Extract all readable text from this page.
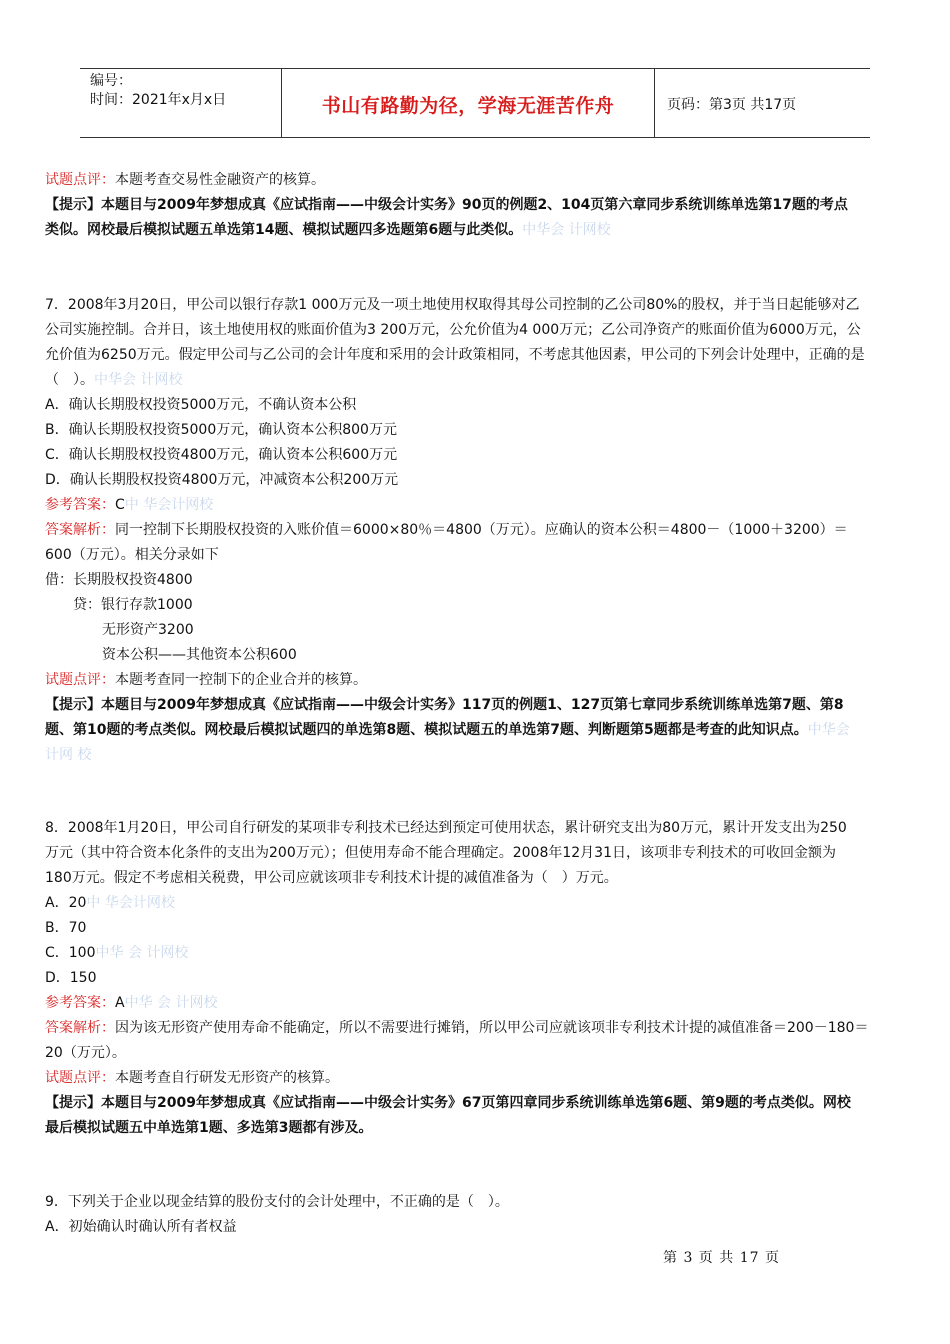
编号：
时间：2021年x月x日	书山有路勤为径，学海无涯苦作舟	页码：第3页 共17页
试题点评：本题考查交易性金融资产的核算。
【提示】本题目与2009年梦想成真《应试指南——中级会计实务》90页的例题2、104页第六章同步系统训练单选第17题的考点
类似。网校最后模拟试题五单选第14题、模拟试题四多选题第6题与此类似。中华会 计网校
7．2008年3月20日，甲公司以银行存款1 000万元及一项土地使用权取得其母公司控制的乙公司80%的股权，并于当日起能够对乙
公司实施控制。合并日，该土地使用权的账面价值为3 200万元，公允价值为4 000万元；乙公司净资产的账面价值为6000万元，公
允价值为6250万元。假定甲公司与乙公司的会计年度和采用的会计政策相同，不考虑其他因素，甲公司的下列会计处理中，正确的是
（　）。中华会 计网校
A．确认长期股权投资5000万元，不确认资本公积
B．确认长期股权投资5000万元，确认资本公积800万元
C．确认长期股权投资4800万元，确认资本公积600万元
D．确认长期股权投资4800万元，冲减资本公积200万元
参考答案：C中 华会计网校
答案解析：同一控制下长期股权投资的入账价值＝6000×80％＝4800（万元）。应确认的资本公积＝4800－（1000＋3200）＝
600（万元）。相关分录如下
借：长期股权投资4800
贷：银行存款1000
无形资产3200
资本公积——其他资本公积600
试题点评：本题考查同一控制下的企业合并的核算。
【提示】本题目与2009年梦想成真《应试指南——中级会计实务》117页的例题1、127页第七章同步系统训练单选第7题、第8
题、第10题的考点类似。网校最后模拟试题四的单选第8题、模拟试题五的单选第7题、判断题第5题都是考查的此知识点。中华会
计网 校
8．2008年1月20日，甲公司自行研发的某项非专利技术已经达到预定可使用状态，累计研究支出为80万元，累计开发支出为250
万元（其中符合资本化条件的支出为200万元）；但使用寿命不能合理确定。2008年12月31日，该项非专利技术的可收回金额为
180万元。假定不考虑相关税费，甲公司应就该项非专利技术计提的减值准备为（　）万元。
A．20中 华会计网校
B．70
C．100中华 会 计网校
D．150
参考答案：A中华 会 计网校
答案解析：因为该无形资产使用寿命不能确定，所以不需要进行摊销，所以甲公司应就该项非专利技术计提的减值准备＝200－180＝
20（万元）。
试题点评：本题考查自行研发无形资产的核算。
【提示】本题目与2009年梦想成真《应试指南——中级会计实务》67页第四章同步系统训练单选第6题、第9题的考点类似。网校
最后模拟试题五中单选第1题、多选第3题都有涉及。
9．下列关于企业以现金结算的股份支付的会计处理中，不正确的是（　）。
A．初始确认时确认所有者权益
第 3 页 共 17 页
